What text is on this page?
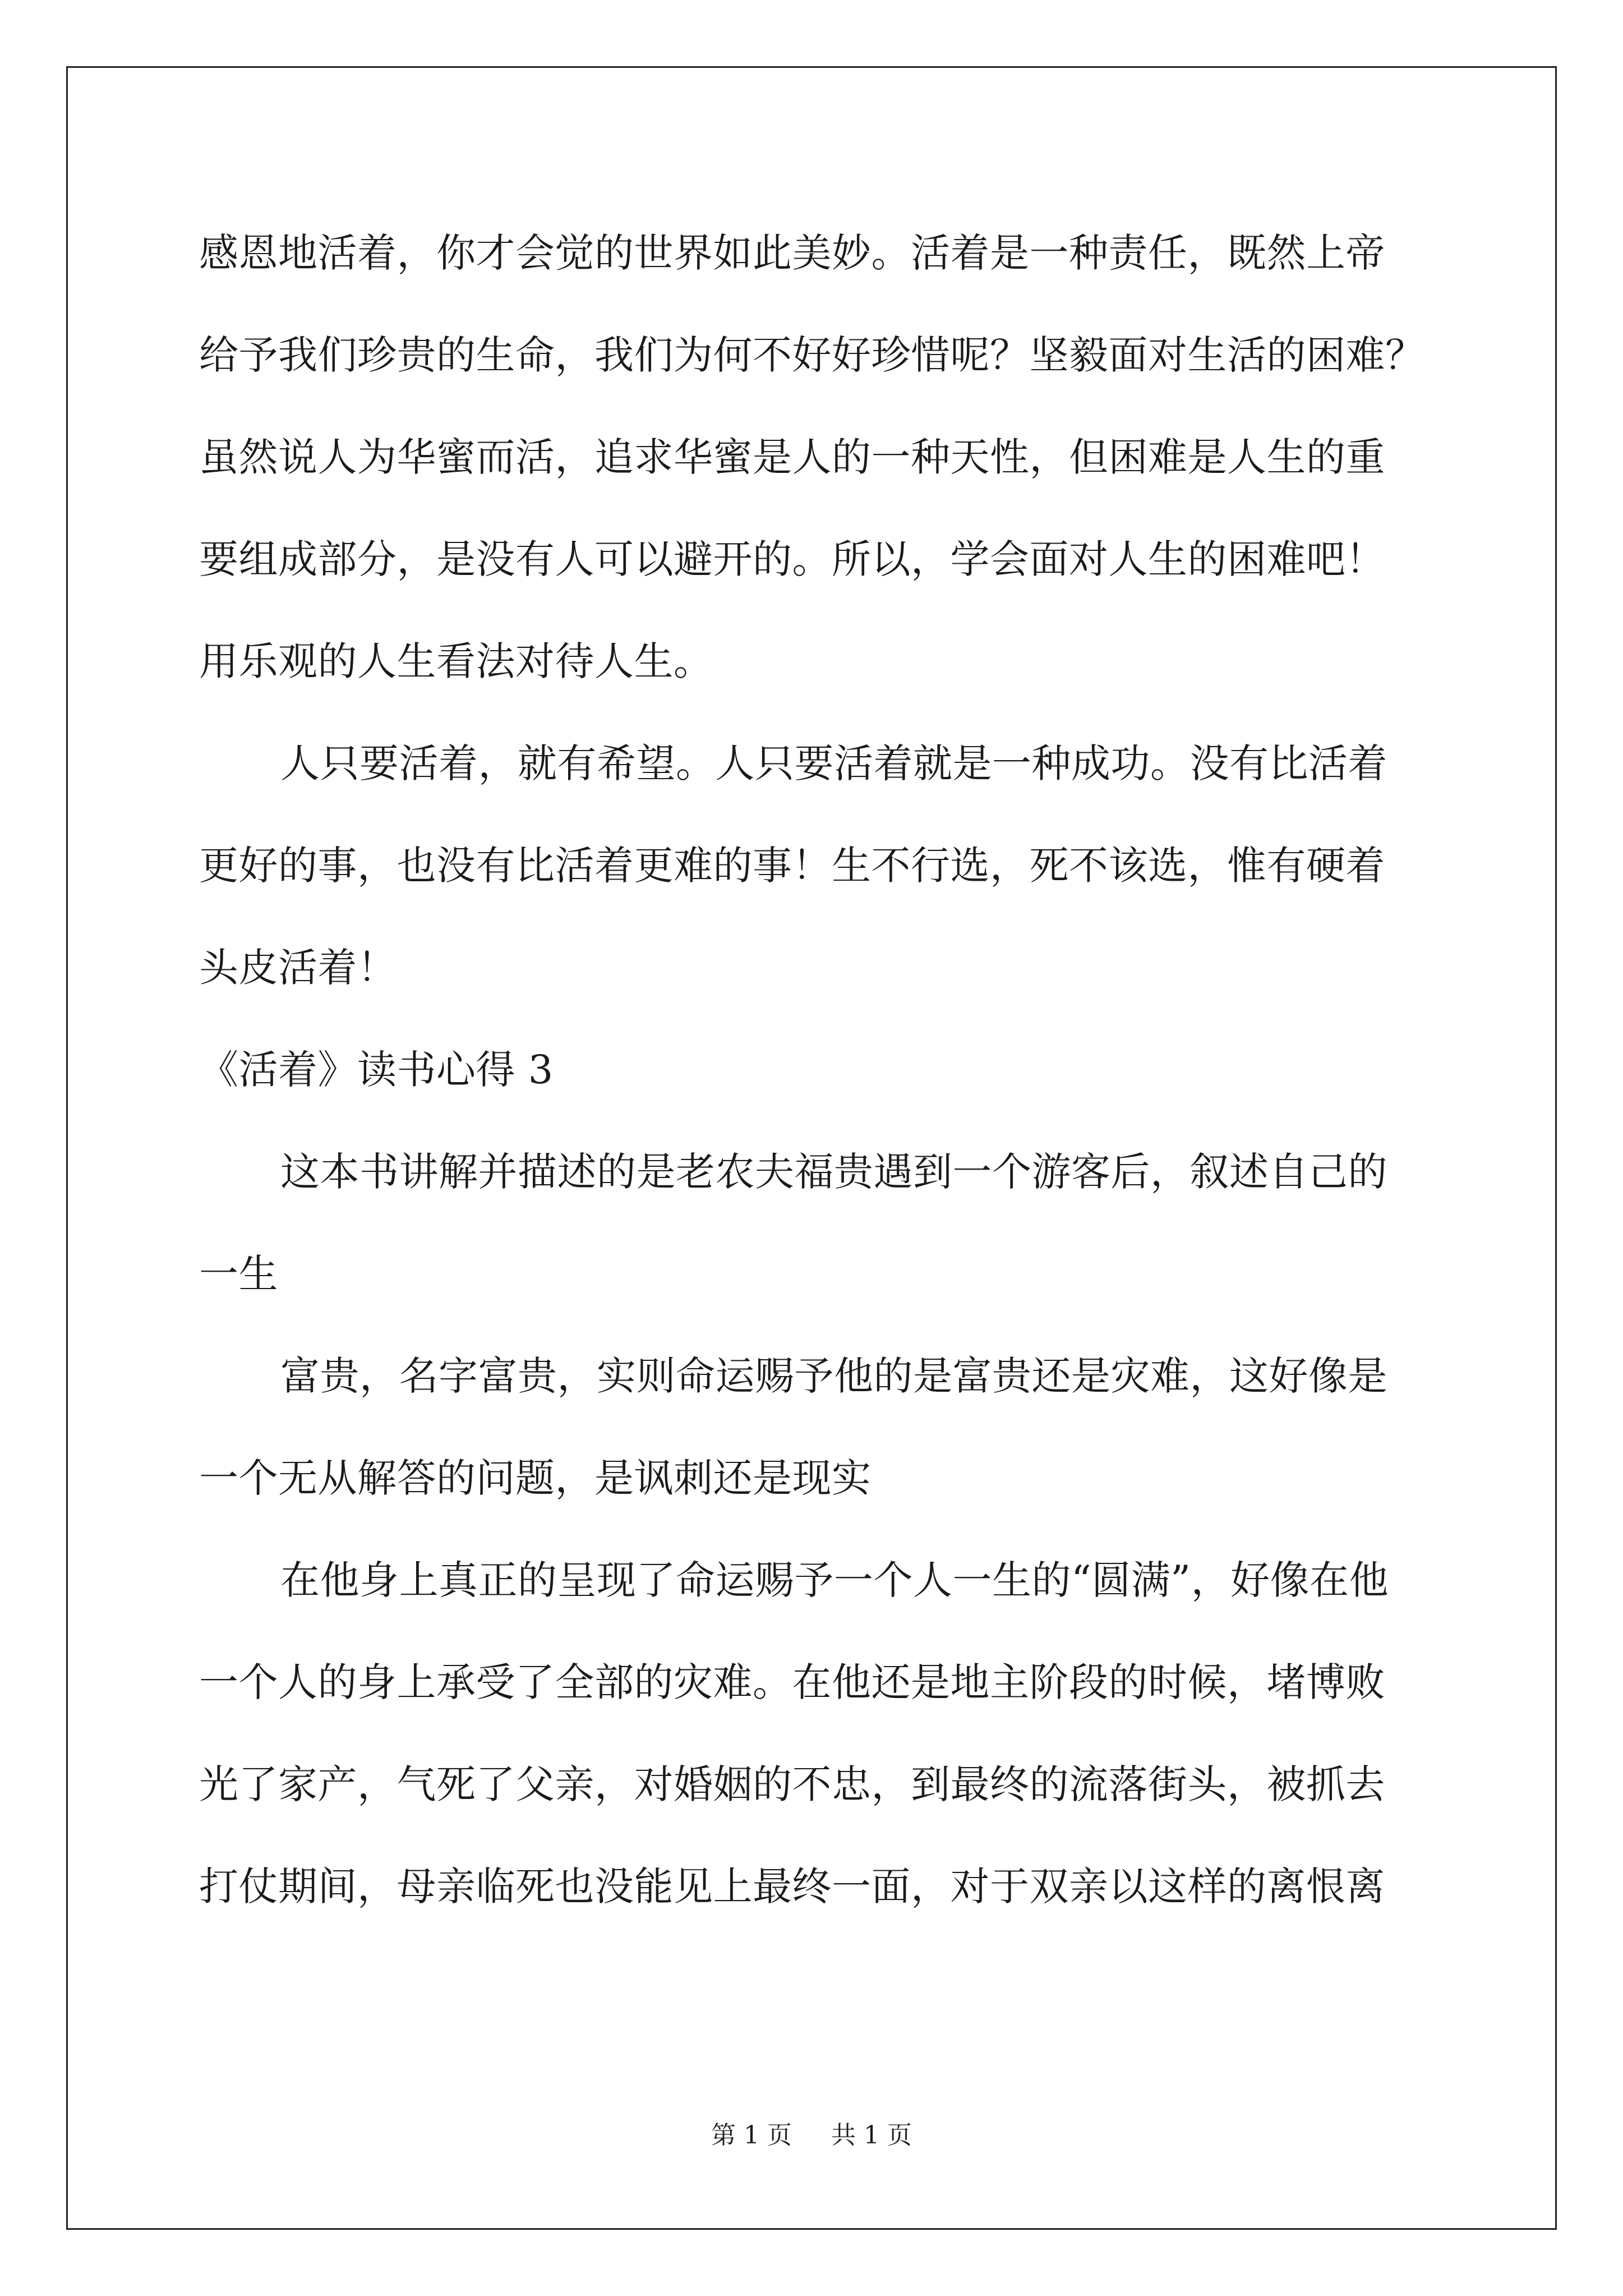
感恩地活着，你才会觉的世界如此美妙。活着是一种责任，既然上帝
给予我们珍贵的生命，我们为何不好好珍惜呢？坚毅面对生活的困难？
虽然说人为华蜜而活，追求华蜜是人的一种天性，但困难是人生的重
要组成部分，是没有人可以避开的。所以，学会面对人生的困难吧！
用乐观的人生看法对待人生。
人只要活着，就有希望。人只要活着就是一种成功。没有比活着
更好的事，也没有比活着更难的事！生不行选，死不该选，惟有硬着
头皮活着！
《活着》读书心得 3
这本书讲解并描述的是老农夫福贵遇到一个游客后，叙述自己的
一生
富贵，名字富贵，实则命运赐予他的是富贵还是灾难，这好像是
一个无从解答的问题，是讽刺还是现实
在他身上真正的呈现了命运赐予一个人一生的“圆满”，好像在他
一个人的身上承受了全部的灾难。在他还是地主阶段的时候，堵博败
光了家产，气死了父亲，对婚姻的不忠，到最终的流落街头，被抓去
打仗期间，母亲临死也没能见上最终一面，对于双亲以这样的离恨离
第 1 页 共 1 页
